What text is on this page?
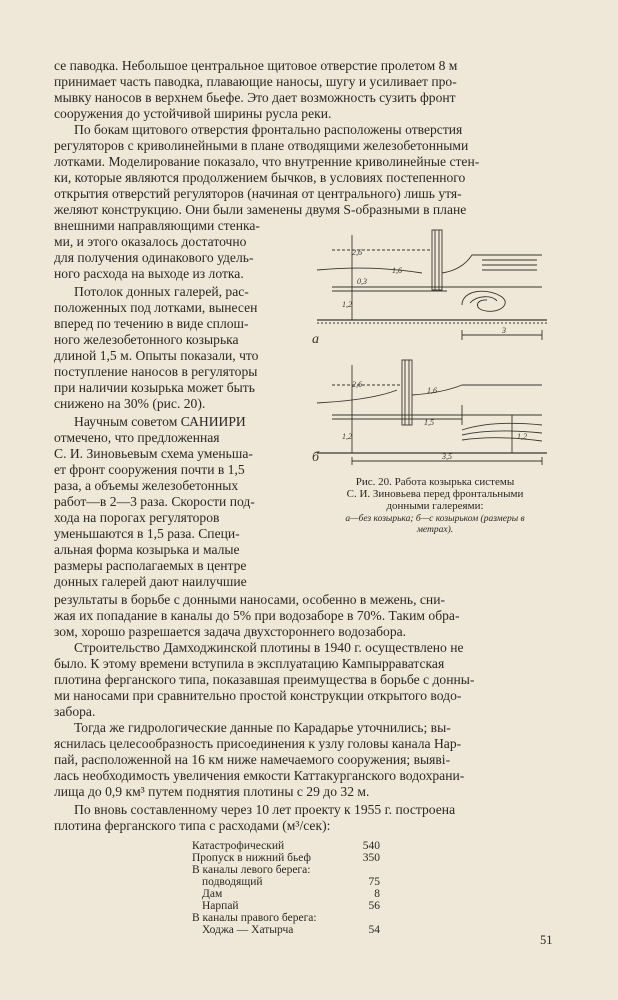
се паводка. Небольшое центральное щитовое отверстие пролетом 8 м
принимает часть паводка, плавающие наносы, шугу и усиливает про-
мывку наносов в верхнем бьефе. Это дает возможность сузить фронт
сооружения до устойчивой ширины русла реки.
По бокам щитового отверстия фронтально расположены отверстия
регуляторов с криволинейными в плане отводящими железобетонными
лотками. Моделирование показало, что внутренние криволинейные стен-
ки, которые являются продолжением бычков, в условиях постепенного
открытия отверстий регуляторов (начиная от центрального) лишь утя-
желяют конструкцию. Они были заменены двумя S-образными в плане
внешними направляющими стенка-
ми, и этого оказалось достаточно
для получения одинакового удель-
ного расхода на выходе из лотка.
Потолок донных галерей, рас-
положенных под лотками, вынесен
вперед по течению в виде сплош-
ного железобетонного козырька
длиной 1,5 м. Опыты показали, что
поступление наносов в регуляторы
при наличии козырька может быть
снижено на 30% (рис. 20).
Научным советом САНИИРИ
отмечено, что предложенная
С. И. Зиновьевым схема уменьша-
ет фронт сооружения почти в 1,5
раза, а объемы железобетонных
работ—в 2—3 раза. Скорости под-
хода на порогах регуляторов
уменьшаются в 1,5 раза. Специ-
альная форма козырька и малые
размеры располагаемых в центре
донных галерей дают наилучшие
2,6
1,6
0,3
1,2
3
2,6
1,6
1,5
1,2	1,2
3,5
а
б
Рис. 20. Работа козырька системы
С. И. Зиновьева перед фронтальными
донными галереями:
а—без козырька; б—с козырьком (размеры в
метрах).
результаты в борьбе с донными наносами, особенно в межень, сни-
жая их попадание в каналы до 5% при водозаборе в 70%. Таким обра-
зом, хорошо разрешается задача двухстороннего водозабора.
Строительство Дамходжинской плотины в 1940 г. осуществлено не
было. К этому времени вступила в эксплуатацию Кампырраватская
плотина ферганского типа, показавшая преимущества в борьбе с донны-
ми наносами при сравнительно простой конструкции открытого водо-
забора.
Тогда же гидрологические данные по Карадарье уточнились; вы-
яснилась целесообразность присоединения к узлу головы канала Нар-
пай, расположенной на 16 км ниже намечаемого сооружения; выявi-
лась необходимость увеличения емкости Каттакурганского водохрани-
лища до 0,9 км³ путем поднятия плотины с 29 до 32 м.
По вновь составленному через 10 лет проекту к 1955 г. построена
плотина ферганского типа с расходами (м³/сек):
Катастрофический	540
Пропуск в нижний бьеф	350
В каналы левого берега:
подводящий	75
Дам	8
Нарпай	56
В каналы правого берега:
Ходжа — Хатырча	54
51
